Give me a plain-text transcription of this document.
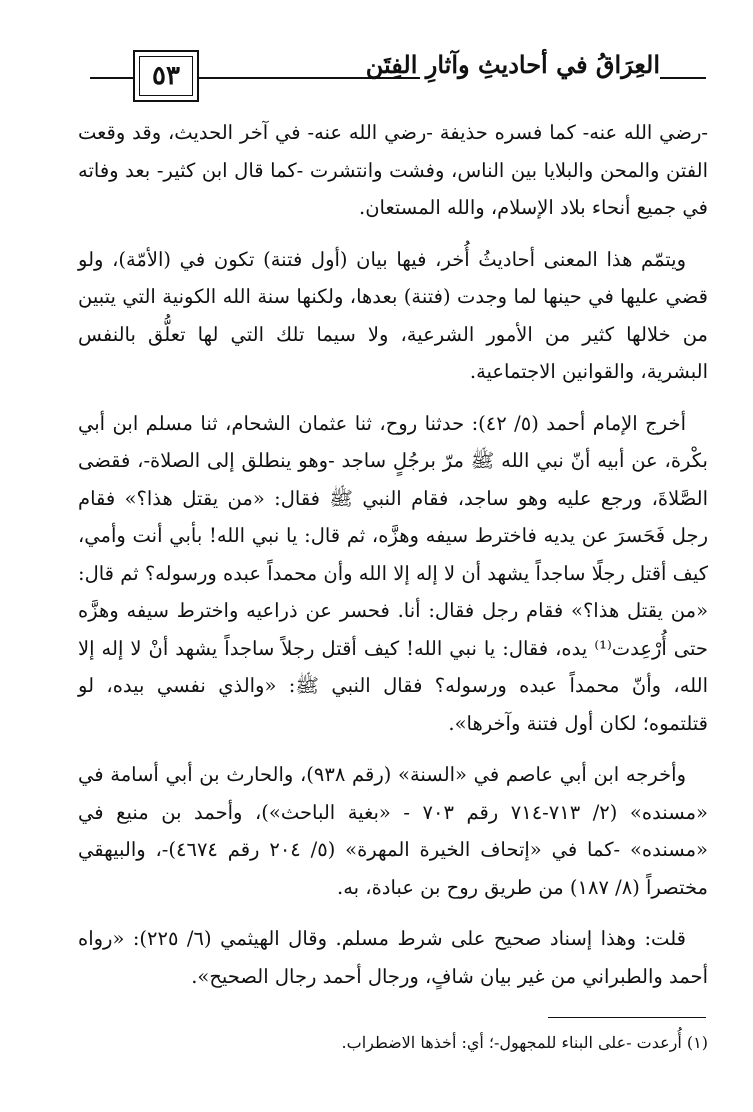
٥٣	العِرَاقُ في أحاديثِ وآثارِ الفِتَن

-رضي الله عنه- كما فسره حذيفة -رضي الله عنه- في آخر الحديث، وقد وقعت الفتن والمحن والبلايا بين الناس، وفشت وانتشرت -كما قال ابن كثير- بعد وفاته في جميع أنحاء بلاد الإسلام، والله المستعان.

ويتمّم هذا المعنى أحاديثُ أُخر، فيها بيان (أول فتنة) تكون في (الأمّة)، ولو قضي عليها في حينها لما وجدت (فتنة) بعدها، ولكنها سنة الله الكونية التي يتبين من خلالها كثير من الأمور الشرعية، ولا سيما تلك التي لها تعلُّق بالنفس البشرية، والقوانين الاجتماعية.

أخرج الإمام أحمد (٥/ ٤٢): حدثنا روح، ثنا عثمان الشحام، ثنا مسلم ابن أبي بكْرة، عن أبيه أنّ نبي الله ﷺ مرّ برجُلٍ ساجد -وهو ينطلق إلى الصلاة-، فقضى الصَّلاةَ، ورجع عليه وهو ساجد، فقام النبي ﷺ فقال: «من يقتل هذا؟» فقام رجل فَحَسرَ عن يديه فاخترط سيفه وهزَّه، ثم قال: يا نبي الله! بأبي أنت وأمي، كيف أقتل رجلًا ساجداً يشهد أن لا إله إلا الله وأن محمداً عبده ورسوله؟ ثم قال: «من يقتل هذا؟» فقام رجل فقال: أنا. فحسر عن ذراعيه واخترط سيفه وهزَّه حتى أُرْعِدت⁽¹⁾ يده، فقال: يا نبي الله! كيف أقتل رجلاً ساجداً يشهد أنْ لا إله إلا الله، وأنّ محمداً عبده ورسوله؟ فقال النبي ﷺ: «والذي نفسي بيده، لو قتلتموه؛ لكان أول فتنة وآخرها».

وأخرجه ابن أبي عاصم في «السنة» (رقم ٩٣٨)، والحارث بن أبي أسامة في «مسنده» (٢/ ٧١٣-٧١٤ رقم ٧٠٣ - «بغية الباحث»)، وأحمد بن منيع في «مسنده» -كما في «إتحاف الخيرة المهرة» (٥/ ٢٠٤ رقم ٤٦٧٤)-، والبيهقي مختصراً (٨/ ١٨٧) من طريق روح بن عبادة، به.

قلت: وهذا إسناد صحيح على شرط مسلم. وقال الهيثمي (٦/ ٢٢٥): «رواه أحمد والطبراني من غير بيان شافٍ، ورجال أحمد رجال الصحيح».

(١) أُرعدت -على البناء للمجهول-؛ أي: أخذها الاضطراب.
